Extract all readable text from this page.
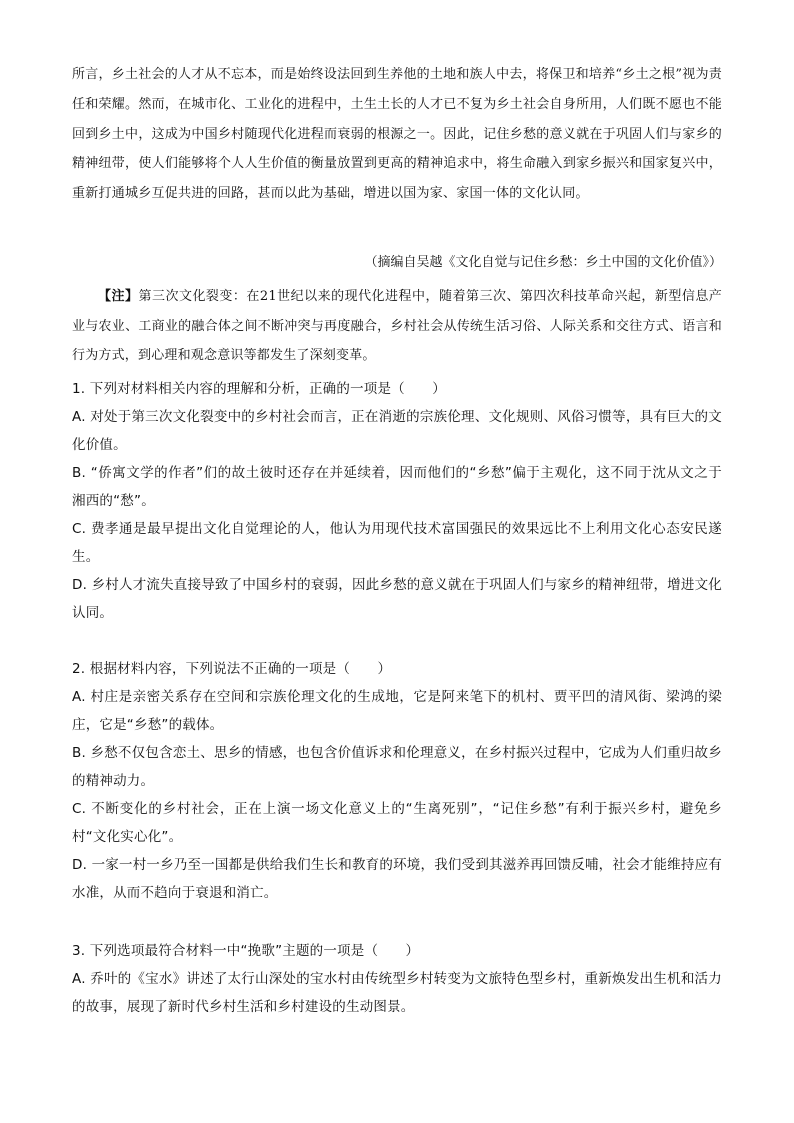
所言，乡土社会的人才从不忘本，而是始终设法回到生养他的土地和族人中去，将保卫和培养“乡土之根”视为责任和荣耀。然而，在城市化、工业化的进程中，土生土长的人才已不复为乡土社会自身所用，人们既不愿也不能回到乡土中，这成为中国乡村随现代化进程而衰弱的根源之一。因此，记住乡愁的意义就在于巩固人们与家乡的精神纽带，使人们能够将个人人生价值的衡量放置到更高的精神追求中，将生命融入到家乡振兴和国家复兴中，重新打通城乡互促共进的回路，甚而以此为基础，增进以国为家、家国一体的文化认同。

（摘编自吴越《文化自觉与记住乡愁：乡土中国的文化价值》）

【注】第三次文化裂变：在21世纪以来的现代化进程中，随着第三次、第四次科技革命兴起，新型信息产业与农业、工商业的融合体之间不断冲突与再度融合，乡村社会从传统生活习俗、人际关系和交往方式、语言和行为方式，到心理和观念意识等都发生了深刻变革。

1. 下列对材料相关内容的理解和分析，正确的一项是（　　）

A. 对处于第三次文化裂变中的乡村社会而言，正在消逝的宗族伦理、文化规则、风俗习惯等，具有巨大的文化价值。

B. “侨寓文学的作者”们的故土彼时还存在并延续着，因而他们的“乡愁”偏于主观化，这不同于沈从文之于湘西的“愁”。

C. 费孝通是最早提出文化自觉理论的人，他认为用现代技术富国强民的效果远比不上利用文化心态安民遂生。

D. 乡村人才流失直接导致了中国乡村的衰弱，因此乡愁的意义就在于巩固人们与家乡的精神纽带，增进文化认同。

2. 根据材料内容，下列说法不正确的一项是（　　）

A. 村庄是亲密关系存在空间和宗族伦理文化的生成地，它是阿来笔下的机村、贾平凹的清风街、梁鸿的梁庄，它是“乡愁”的载体。

B. 乡愁不仅包含恋土、思乡的情感，也包含价值诉求和伦理意义，在乡村振兴过程中，它成为人们重归故乡的精神动力。

C. 不断变化的乡村社会，正在上演一场文化意义上的“生离死别”，“记住乡愁”有利于振兴乡村，避免乡村“文化实心化”。

D. 一家一村一乡乃至一国都是供给我们生长和教育的环境，我们受到其滋养再回馈反哺，社会才能维持应有水准，从而不趋向于衰退和消亡。

3. 下列选项最符合材料一中“挽歌”主题的一项是（　　）

A. 乔叶的《宝水》讲述了太行山深处的宝水村由传统型乡村转变为文旅特色型乡村，重新焕发出生机和活力的故事，展现了新时代乡村生活和乡村建设的生动图景。
